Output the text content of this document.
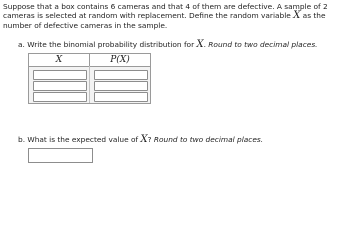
Suppose that a box contains 6 cameras and that 4 of them are defective. A sample of 2 cameras is selected at random with replacement. Define the random variable X as the number of defective cameras in the sample.
a. Write the binomial probability distribution for X. Round to two decimal places.
X	P(X)
b. What is the expected value of X? Round to two decimal places.
